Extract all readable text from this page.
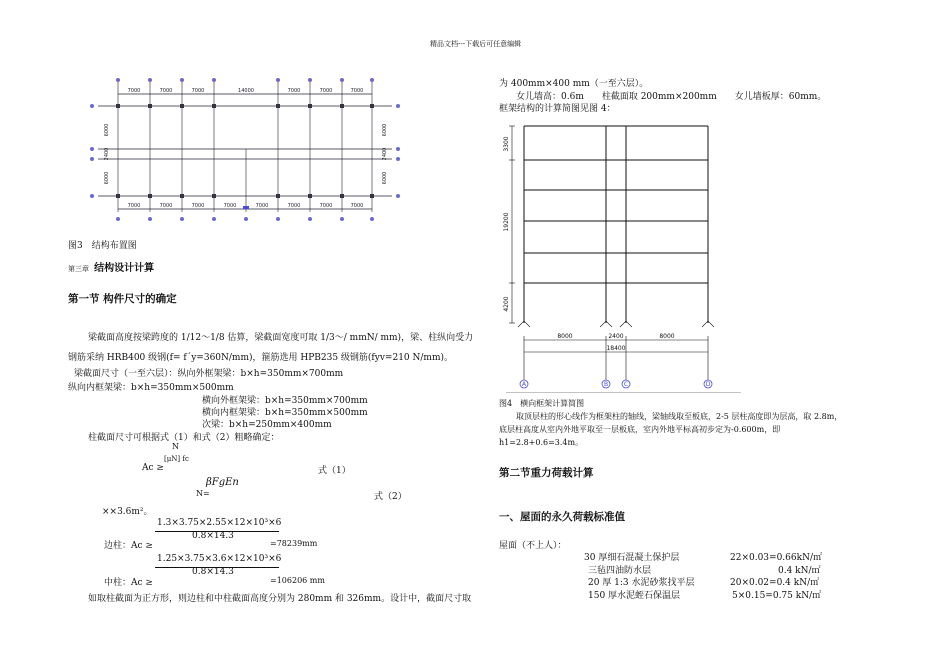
精品文档---下载后可任意编辑
7000	7000	7000	14000	7000	7000	7000
7000	7000	7000	7000	7000	7000	7000	7000
6000
2400
6000
6000
2400
6000
图3　结构布置图
第三章 结构设计计算
第一节 构件尺寸的确定
梁截面高度按梁跨度的 1/12～1/8 估算，梁截面宽度可取 1/3～/ mmN/ mm)，梁、柱纵向受力
钢筋采纳 HRB400 级钢(f= fˊy=360N/mm)，箍筋选用 HPB235 级钢筋(fyv=210 N/mm)。
梁截面尺寸（一至六层）：纵向外框架梁：b×h=350mm×700mm
纵向内框架梁：b×h=350mm×500mm
横向外框架梁：b×h=350mm×700mm
横向内框架梁：b×h=350mm×500mm
次梁：b×h=250mm×400mm
柱截面尺寸可根据式（1）和式（2）粗略确定：
N
[μN] fc
Ac ≥	式（1）
βFgEn
N=	式（2）
××3.6m²。
1.3×3.75×2.55×12×10³×6
0.8×14.3
边柱：Ac ≥	=78239mm
1.25×3.75×3.6×12×10³×6
0.8×14.3
中柱：Ac ≥	=106206 mm
如取柱截面为正方形，则边柱和中柱截面高度分别为 280mm 和 326mm。设计中，截面尺寸取
为 400mm×400 mm（一至六层）。
女儿墙高：0.6m　　柱截面取 200mm×200mm　　女儿墙板厚：60mm。
框架结构的计算简图见图 4：
3300
19200
4200
8000	2400	8000
18400
A	B	C	D
图4　横向框架计算简图
取顶层柱的形心线作为框架柱的轴线，梁轴线取至板底，2-5 层柱高度即为层高，取 2.8m，
底层柱高度从室内外地平取至一层板底，室内外地平标高初步定为-0.600m，即
h1=2.8+0.6=3.4m。
第二节重力荷载计算
一、屋面的永久荷载标准值
屋面（不上人）：
30 厚细石混凝土保护层	22×0.03=0.66kN/㎡
三毡四油防水层	0.4 kN/㎡
20 厚 1:3 水泥砂浆找平层	20×0.02=0.4 kN/㎡
150 厚水泥蛭石保温层	5×0.15=0.75 kN/㎡
